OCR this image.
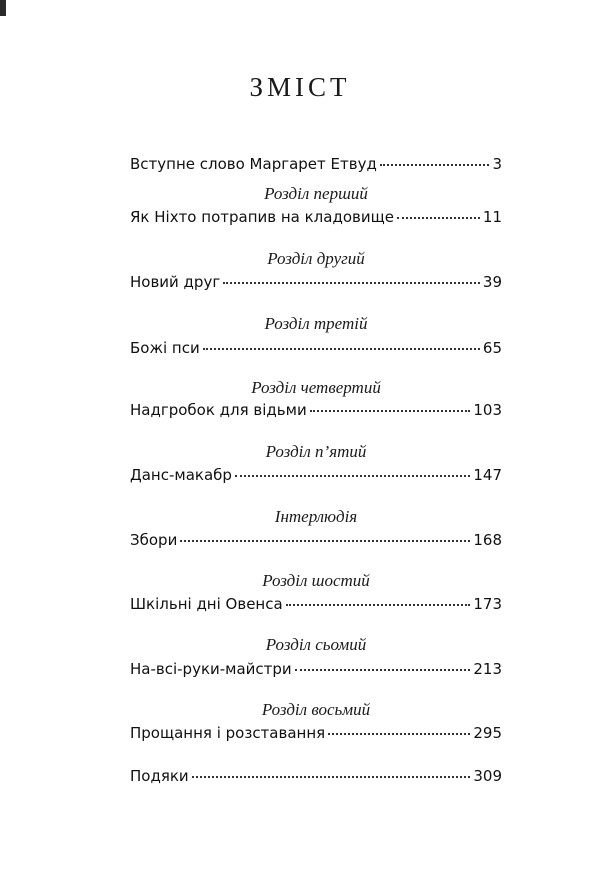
ЗМІСТ
Вступне слово Маргарет Етвуд	3
Розділ перший
Як Ніхто потрапив на кладовище	11
Розділ другий
Новий друг	39
Розділ третій
Божі пси	65
Розділ четвертий
Надгробок для відьми	103
Розділ п’ятий
Данс-макабр	147
Інтерлюдія
Збори	168
Розділ шостий
Шкільні дні Овенса	173
Розділ сьомий
На-всі-руки-майстри	213
Розділ восьмий
Прощання і розставання	295
Подяки	309
